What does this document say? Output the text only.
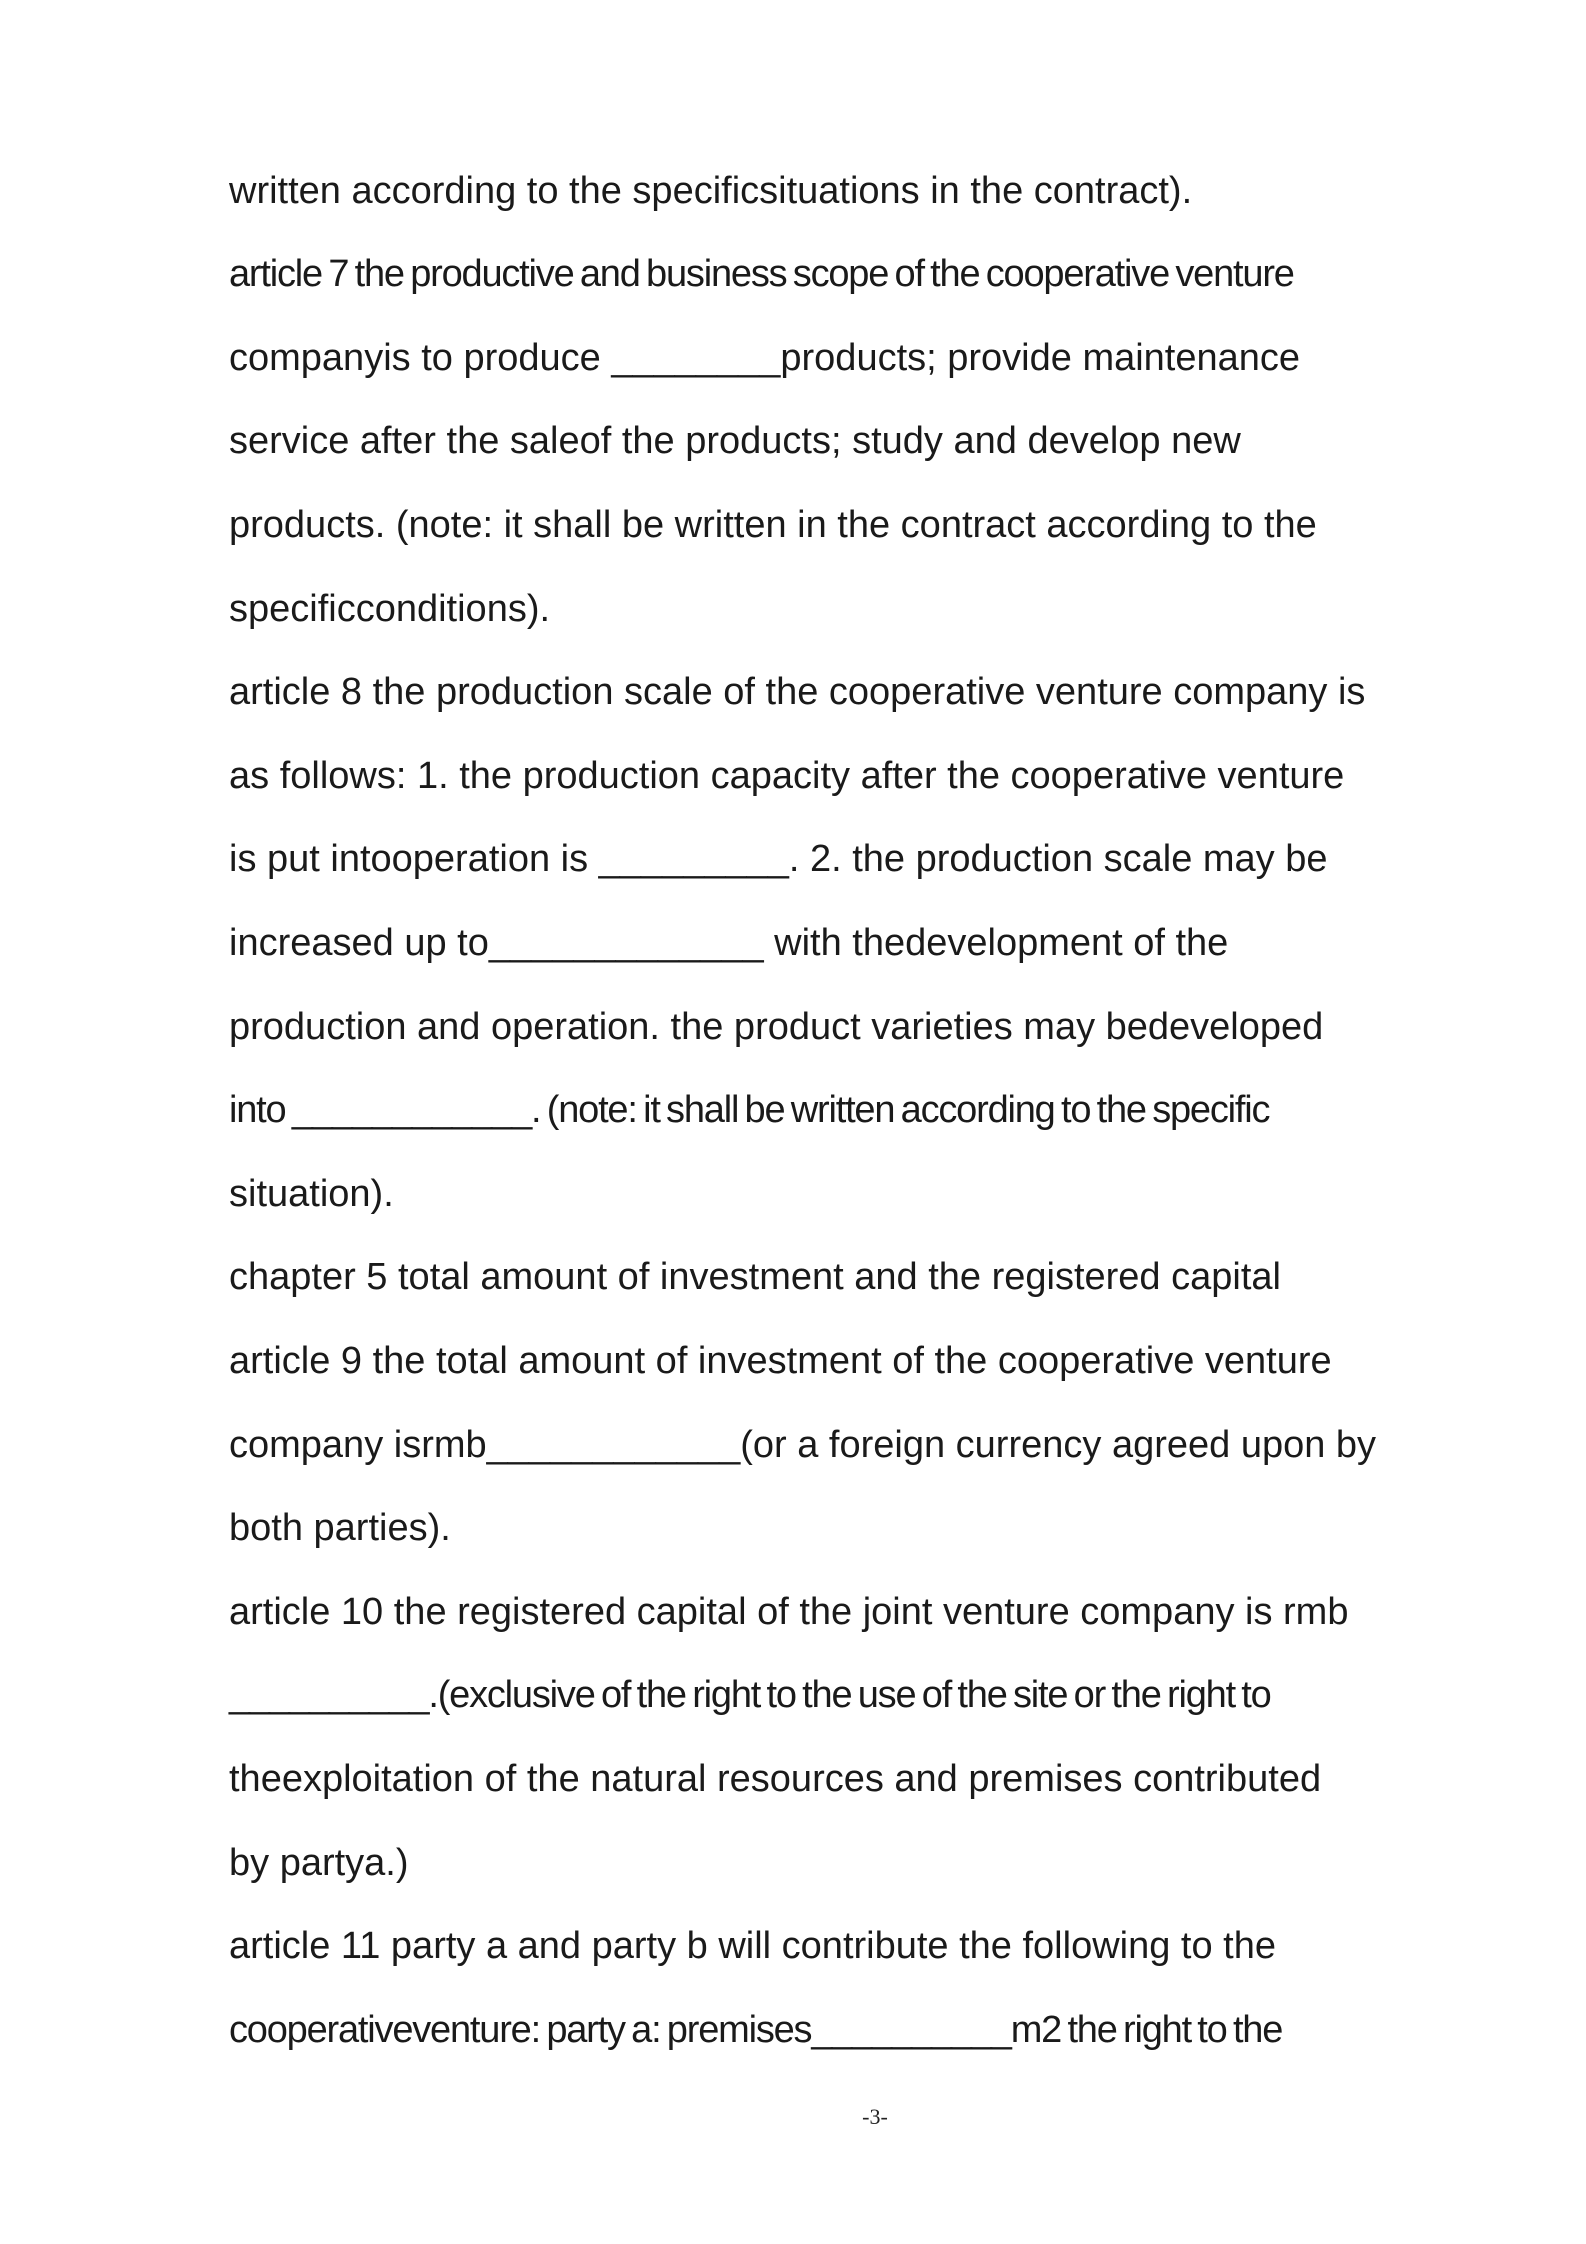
written according to the specificsituations in the contract).
article 7 the productive and business scope of the cooperative venture
companyis to produce ________products; provide maintenance
service after the saleof the products; study and develop new
products. (note: it shall be written in the contract according to the
specificconditions).
article 8 the production scale of the cooperative venture company is
as follows: 1. the production capacity after the cooperative venture
is put intooperation is _________. 2. the production scale may be
increased up to_____________ with thedevelopment of the
production and operation. the product varieties may bedeveloped
into ____________. (note: it shall be written according to the specific
situation).
chapter 5 total amount of investment and the registered capital
article 9 the total amount of investment of the cooperative venture
company isrmb____________(or a foreign currency agreed upon by
both parties).
article 10 the registered capital of the joint venture company is rmb
__________.(exclusive of the right to the use of the site or the right to
theexploitation of the natural resources and premises contributed
by partya.)
article 11 party a and party b will contribute the following to the
cooperativeventure: party a: premises__________m2 the right to the
-3-
